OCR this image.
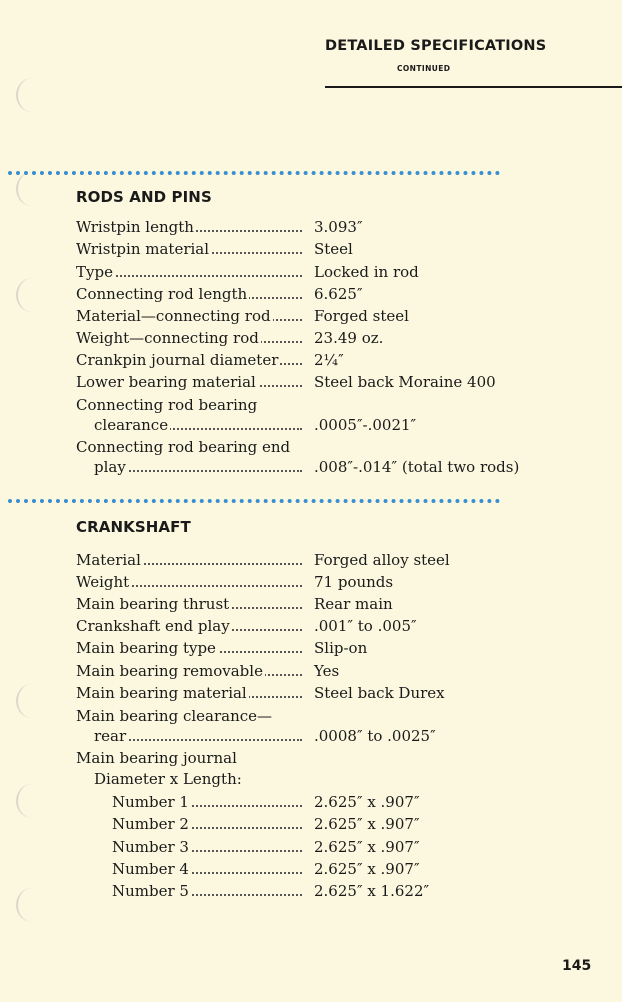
DETAILED SPECIFICATIONS
CONTINUED
RODS AND PINS
Wristpin length	3.093″
Wristpin material	Steel
Type	Locked in rod
Connecting rod length	6.625″
Material—connecting rod	Forged steel
Weight—connecting rod	23.49 oz.
Crankpin journal diameter	2¼″
Lower bearing material	Steel back Moraine 400
Connecting rod bearing
clearance	.0005″-.0021″
Connecting rod bearing end
play	.008″-.014″ (total two rods)
CRANKSHAFT
Material	Forged alloy steel
Weight	71 pounds
Main bearing thrust	Rear main
Crankshaft end play	.001″ to .005″
Main bearing type	Slip-on
Main bearing removable	Yes
Main bearing material	Steel back Durex
Main bearing clearance—
rear	.0008″ to .0025″
Main bearing journal
Diameter x Length:
Number 1	2.625″ x .907″
Number 2	2.625″ x .907″
Number 3	2.625″ x .907″
Number 4	2.625″ x .907″
Number 5	2.625″ x 1.622″
145
